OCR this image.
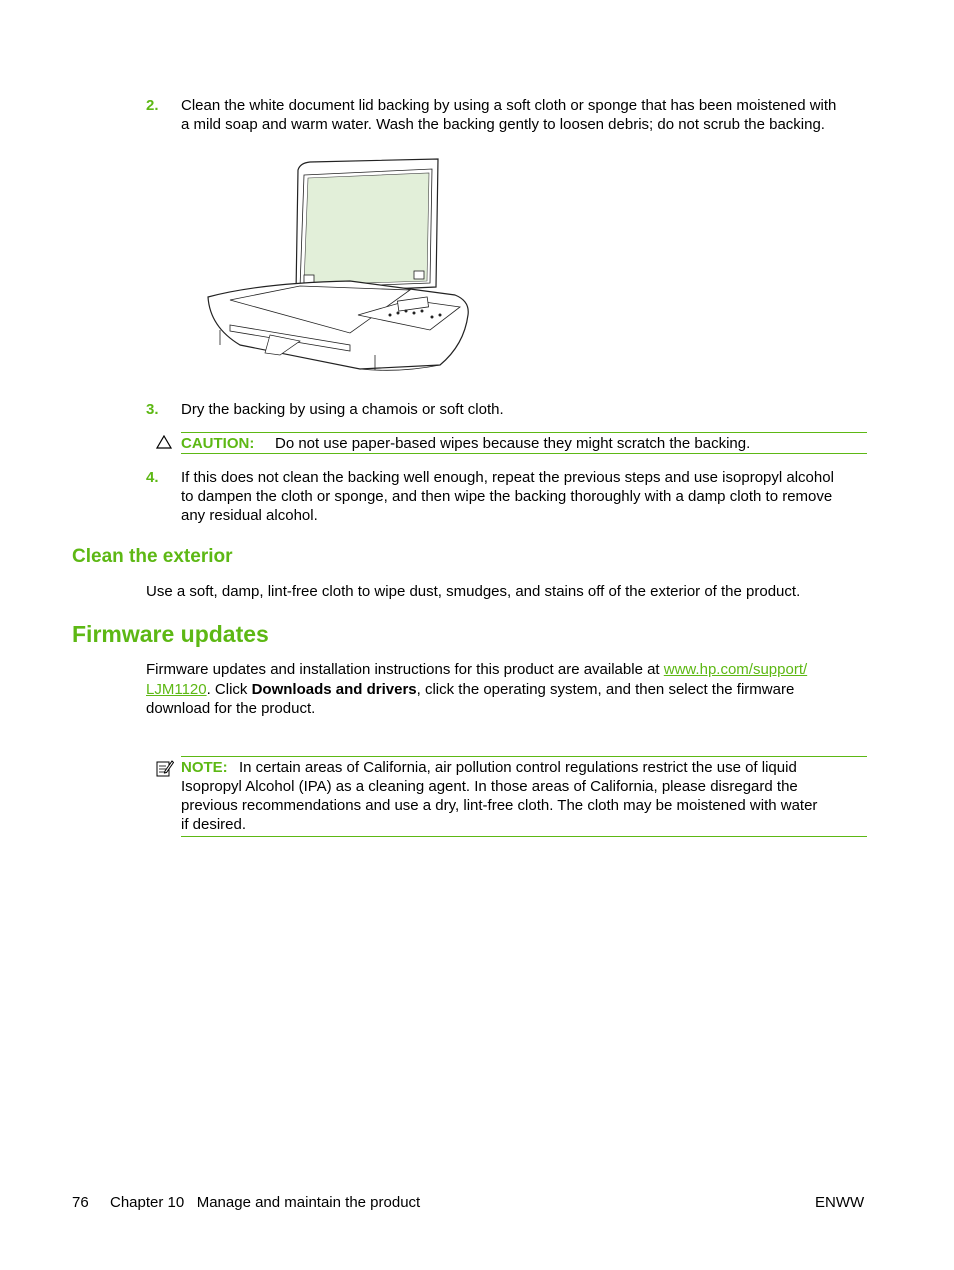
2. Clean the white document lid backing by using a soft cloth or sponge that has been moistened with
a mild soap and warm water. Wash the backing gently to loosen debris; do not scrub the backing.
3. Dry the backing by using a chamois or soft cloth.
CAUTION: Do not use paper-based wipes because they might scratch the backing.
4. If this does not clean the backing well enough, repeat the previous steps and use isopropyl alcohol
to dampen the cloth or sponge, and then wipe the backing thoroughly with a damp cloth to remove
any residual alcohol.
Clean the exterior
Use a soft, damp, lint-free cloth to wipe dust, smudges, and stains off of the exterior of the product.
Firmware updates
Firmware updates and installation instructions for this product are available at www.hp.com/support/
LJM1120. Click Downloads and drivers, click the operating system, and then select the firmware
download for the product.
NOTE: In certain areas of California, air pollution control regulations restrict the use of liquid
Isopropyl Alcohol (IPA) as a cleaning agent. In those areas of California, please disregard the
previous recommendations and use a dry, lint-free cloth. The cloth may be moistened with water
if desired.
76 Chapter 10   Manage and maintain the product	ENWW
